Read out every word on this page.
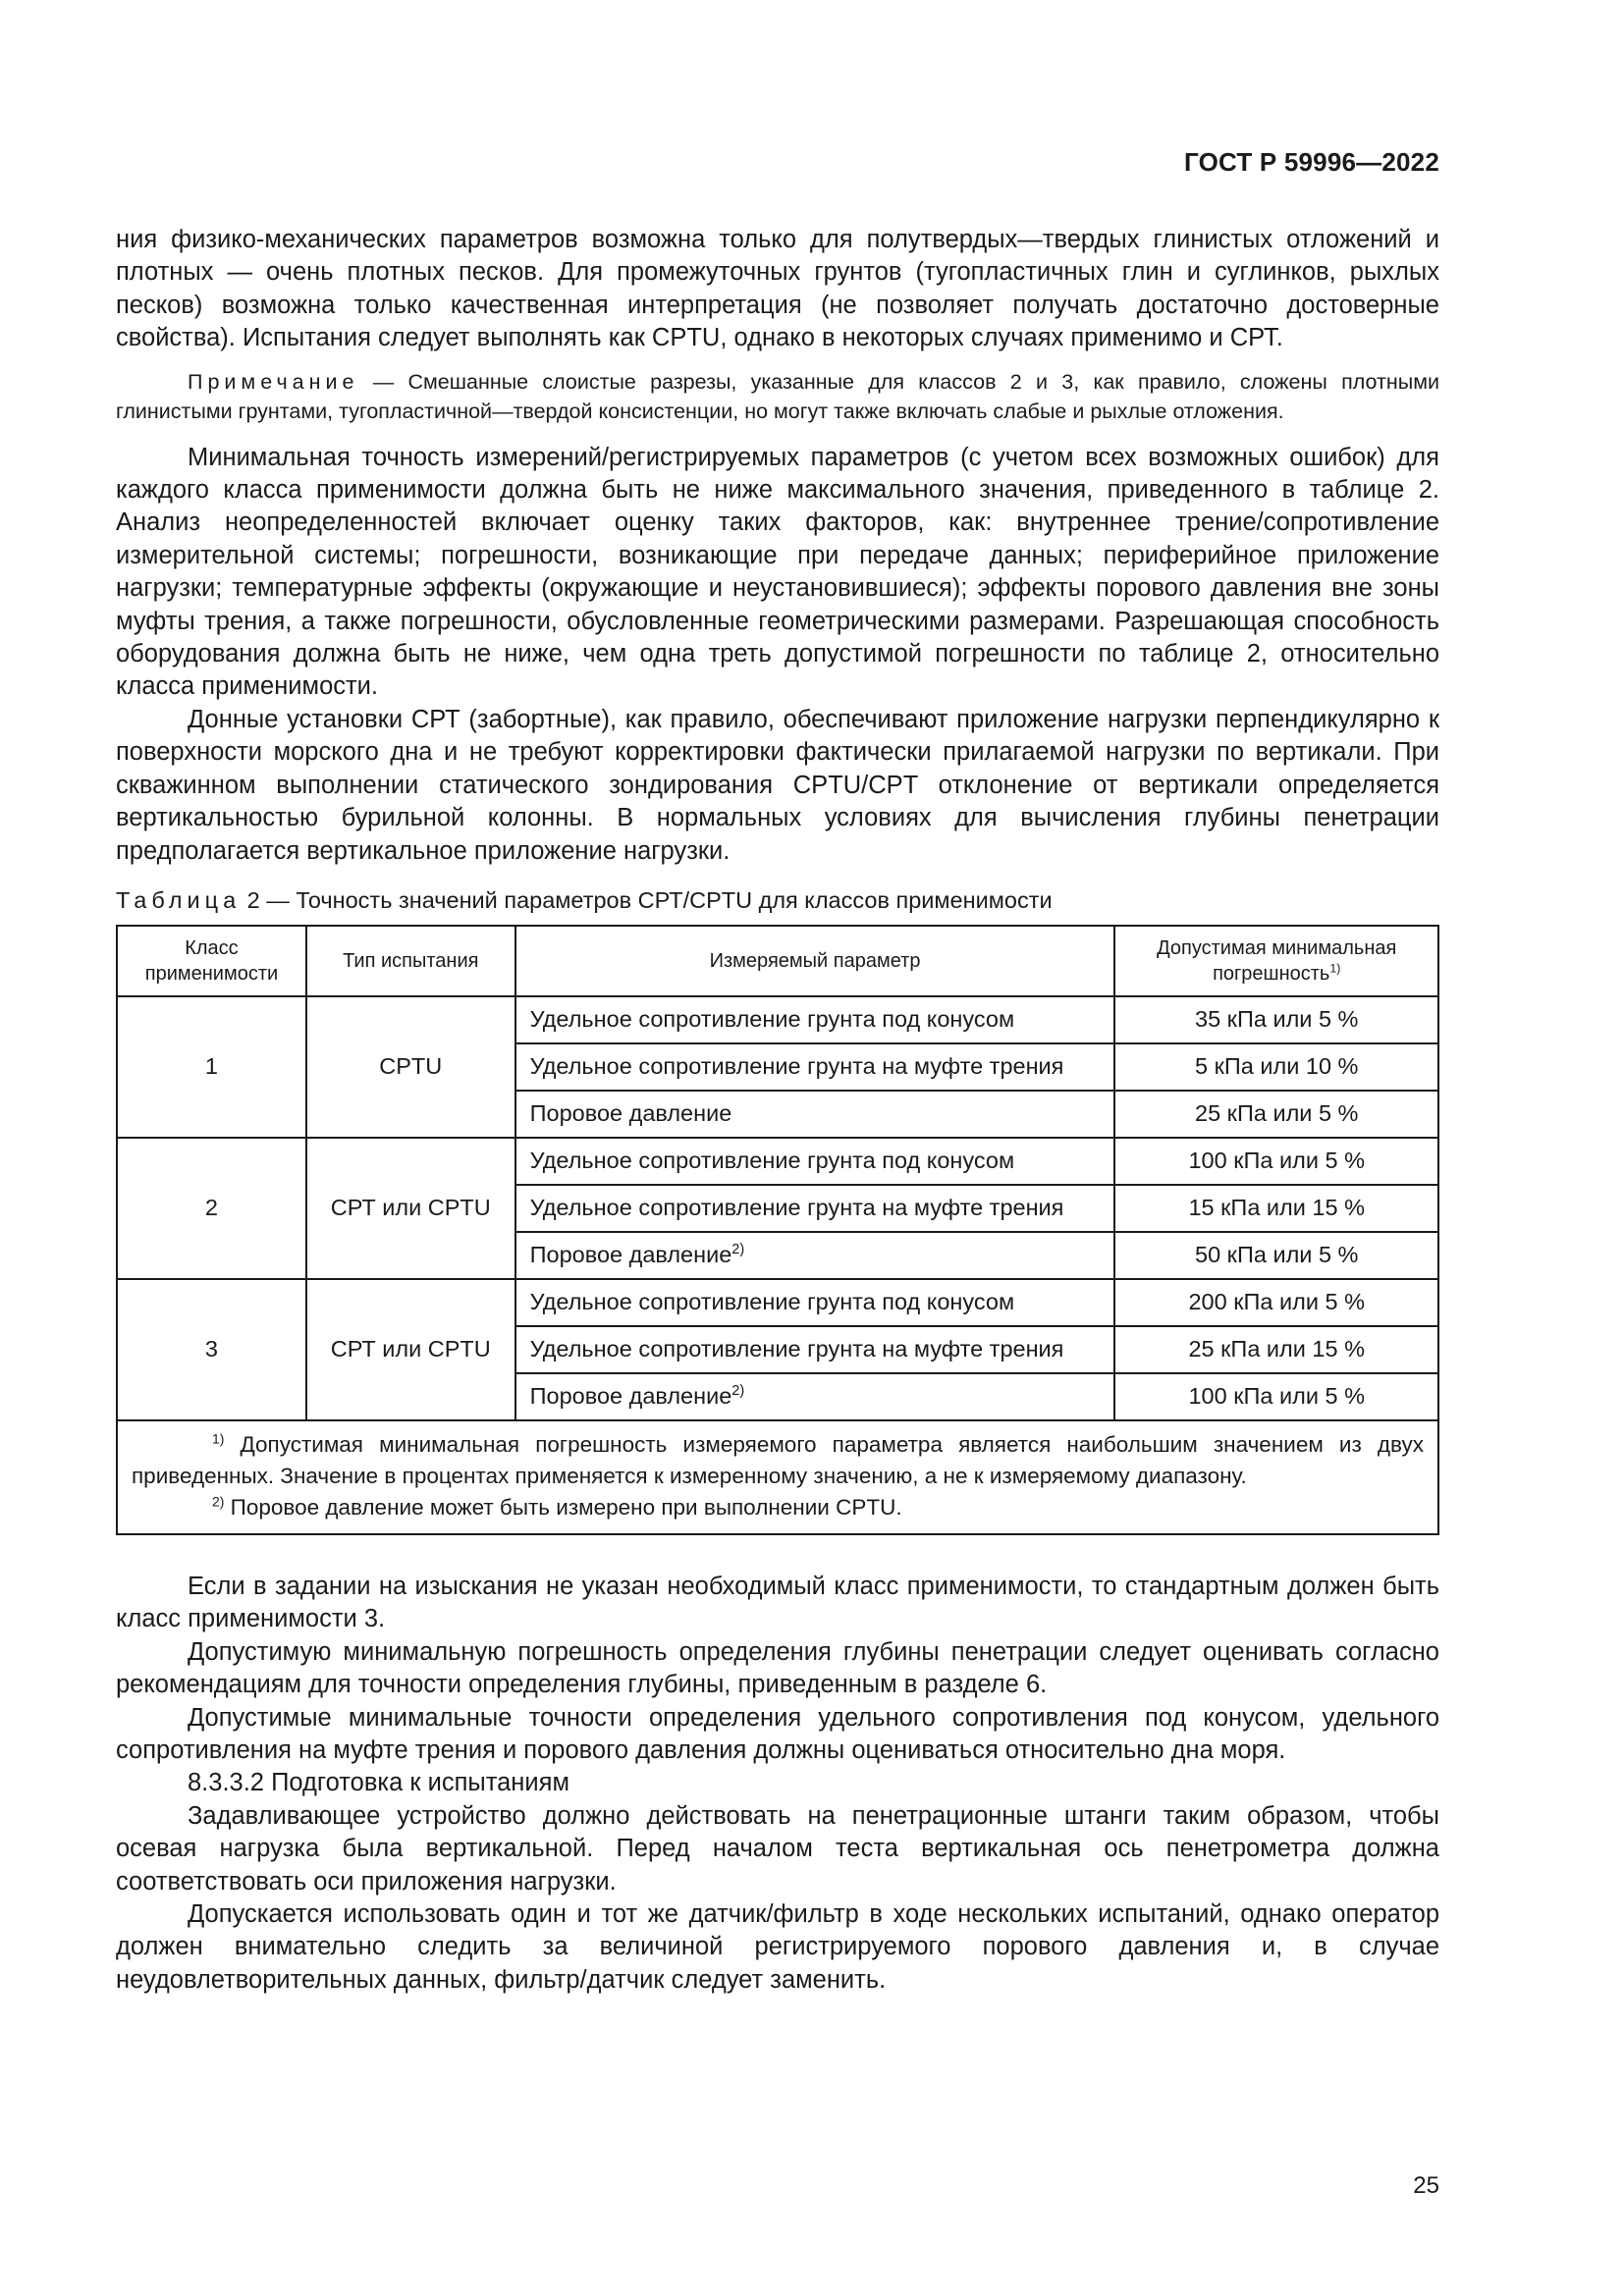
ГОСТ Р 59996—2022

ния физико-механических параметров возможна только для полутвердых—твердых глинистых отложений и плотных — очень плотных песков. Для промежуточных грунтов (тугопластичных глин и суглинков, рыхлых песков) возможна только качественная интерпретация (не позволяет получать достаточно достоверные свойства). Испытания следует выполнять как CPTU, однако в некоторых случаях применимо и СРТ.

Примечание — Смешанные слоистые разрезы, указанные для классов 2 и 3, как правило, сложены плотными глинистыми грунтами, тугопластичной—твердой консистенции, но могут также включать слабые и рыхлые отложения.

Минимальная точность измерений/регистрируемых параметров (с учетом всех возможных ошибок) для каждого класса применимости должна быть не ниже максимального значения, приведенного в таблице 2. Анализ неопределенностей включает оценку таких факторов, как: внутреннее трение/сопротивление измерительной системы; погрешности, возникающие при передаче данных; периферийное приложение нагрузки; температурные эффекты (окружающие и неустановившиеся); эффекты порового давления вне зоны муфты трения, а также погрешности, обусловленные геометрическими размерами. Разрешающая способность оборудования должна быть не ниже, чем одна треть допустимой погрешности по таблице 2, относительно класса применимости.

Донные установки СРТ (забортные), как правило, обеспечивают приложение нагрузки перпендикулярно к поверхности морского дна и не требуют корректировки фактически прилагаемой нагрузки по вертикали. При скважинном выполнении статического зондирования CPTU/CPT отклонение от вертикали определяется вертикальностью бурильной колонны. В нормальных условиях для вычисления глубины пенетрации предполагается вертикальное приложение нагрузки.

Таблица 2 — Точность значений параметров СРТ/CPTU для классов применимости
Класс применимости	Тип испытания	Измеряемый параметр	Допустимая минимальная погрешность$^{1)}$
1	CPTU	Удельное сопротивление грунта под конусом	35 кПа или 5 %
		Удельное сопротивление грунта на муфте трения	5 кПа или 10 %
		Поровое давление	25 кПа или 5 %
2	СРТ или CPTU	Удельное сопротивление грунта под конусом	100 кПа или 5 %
		Удельное сопротивление грунта на муфте трения	15 кПа или 15 %
		Поровое давление$^{2)}$	50 кПа или 5 %
3	СРТ или CPTU	Удельное сопротивление грунта под конусом	200 кПа или 5 %
		Удельное сопротивление грунта на муфте трения	25 кПа или 15 %
		Поровое давление$^{2)}$	100 кПа или 5 %

$^{1)}$ Допустимая минимальная погрешность измеряемого параметра является наибольшим значением из двух приведенных. Значение в процентах применяется к измеренному значению, а не к измеряемому диапазону.
$^{2)}$ Поровое давление может быть измерено при выполнении CPTU.			

Если в задании на изыскания не указан необходимый класс применимости, то стандартным должен быть класс применимости 3.

Допустимую минимальную погрешность определения глубины пенетрации следует оценивать согласно рекомендациям для точности определения глубины, приведенным в разделе 6.

Допустимые минимальные точности определения удельного сопротивления под конусом, удельного сопротивления на муфте трения и порового давления должны оцениваться относительно дна моря.

8.3.3.2 Подготовка к испытаниям

Задавливающее устройство должно действовать на пенетрационные штанги таким образом, чтобы осевая нагрузка была вертикальной. Перед началом теста вертикальная ось пенетрометра должна соответствовать оси приложения нагрузки.

Допускается использовать один и тот же датчик/фильтр в ходе нескольких испытаний, однако оператор должен внимательно следить за величиной регистрируемого порового давления и, в случае неудовлетворительных данных, фильтр/датчик следует заменить.

25
